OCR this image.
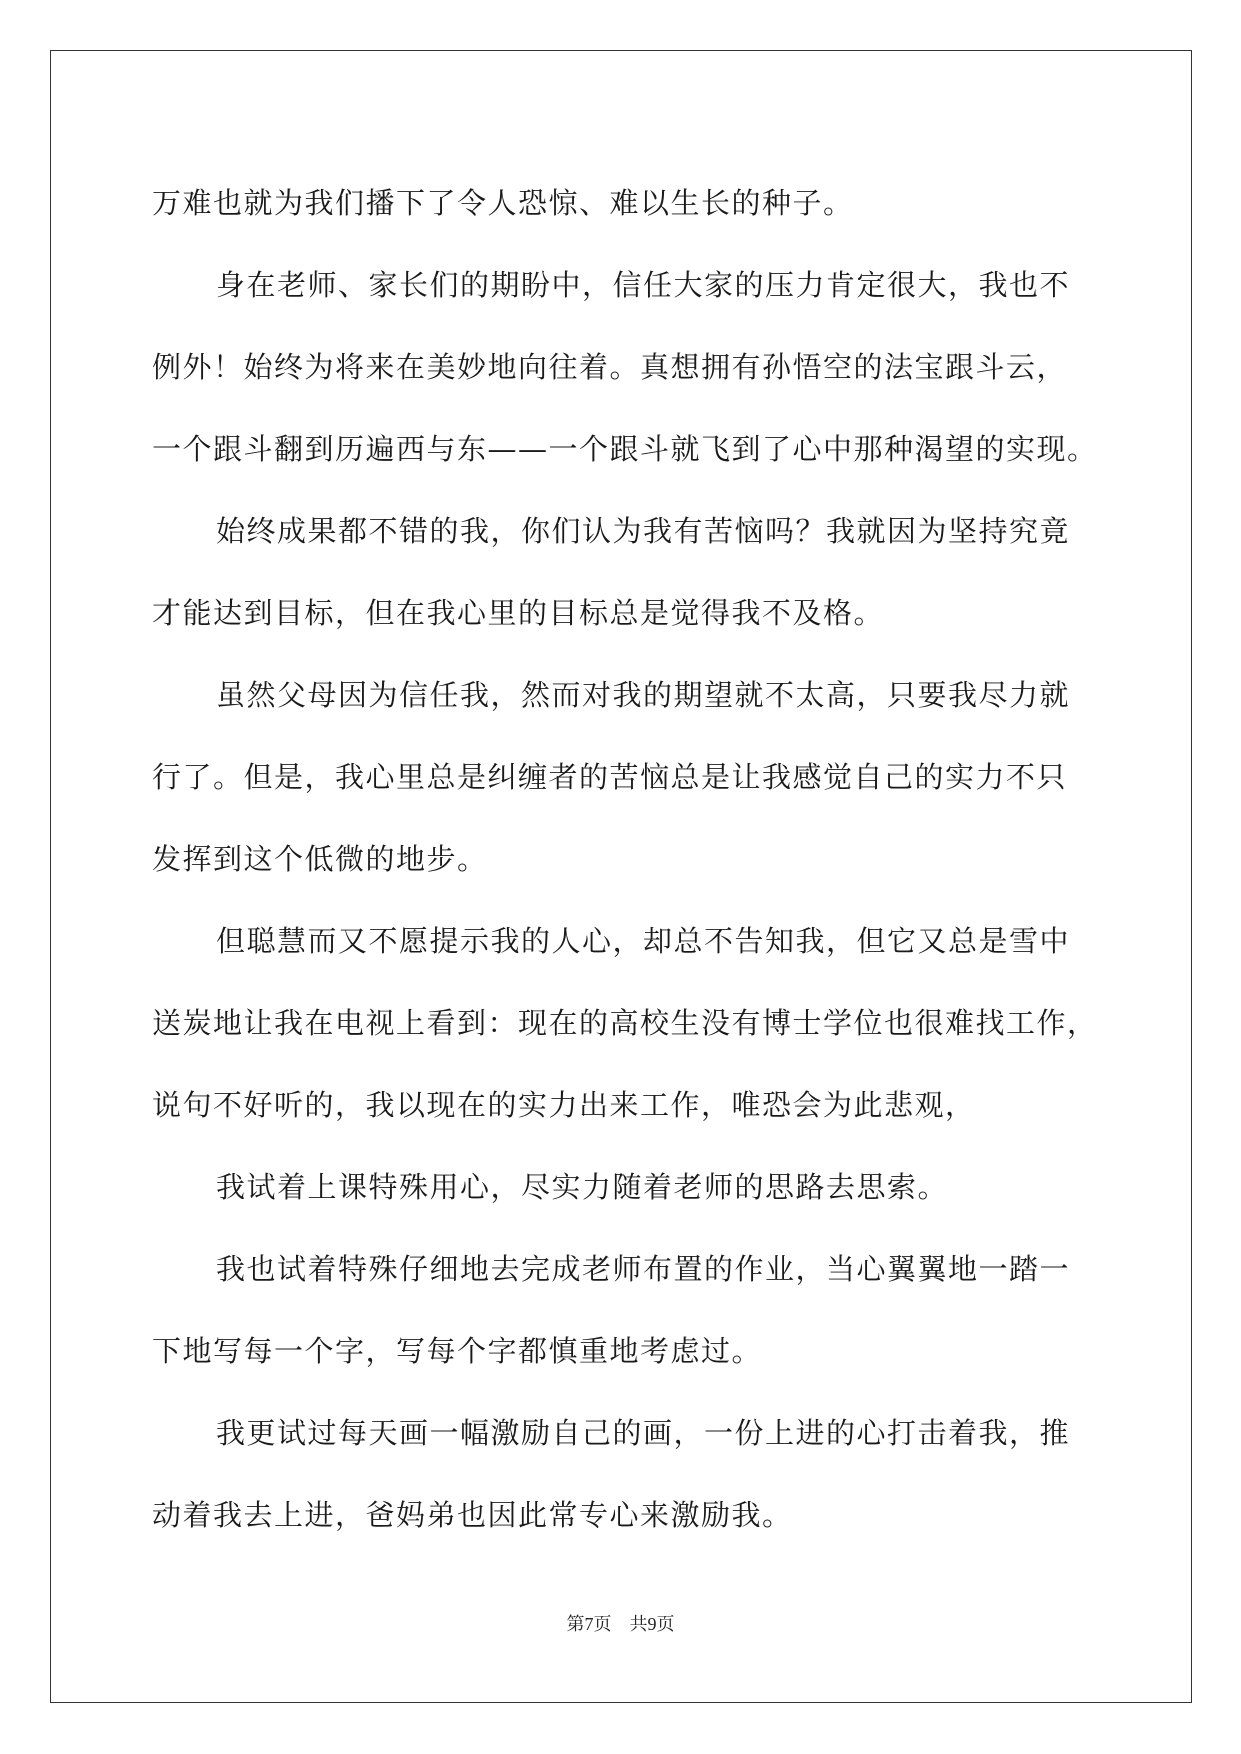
万难也就为我们播下了令人恐惊、难以生长的种子。
身在老师、家长们的期盼中，信任大家的压力肯定很大，我也不
例外！始终为将来在美妙地向往着。真想拥有孙悟空的法宝跟斗云，
一个跟斗翻到历遍西与东——一个跟斗就飞到了心中那种渴望的实现。
始终成果都不错的我，你们认为我有苦恼吗？我就因为坚持究竟
才能达到目标，但在我心里的目标总是觉得我不及格。
虽然父母因为信任我，然而对我的期望就不太高，只要我尽力就
行了。但是，我心里总是纠缠者的苦恼总是让我感觉自己的实力不只
发挥到这个低微的地步。
但聪慧而又不愿提示我的人心，却总不告知我，但它又总是雪中
送炭地让我在电视上看到：现在的高校生没有博士学位也很难找工作，
说句不好听的，我以现在的实力出来工作，唯恐会为此悲观，
我试着上课特殊用心，尽实力随着老师的思路去思索。
我也试着特殊仔细地去完成老师布置的作业，当心翼翼地一踏一
下地写每一个字，写每个字都慎重地考虑过。
我更试过每天画一幅激励自己的画，一份上进的心打击着我，推
动着我去上进，爸妈弟也因此常专心来激励我。
第7页 共9页
